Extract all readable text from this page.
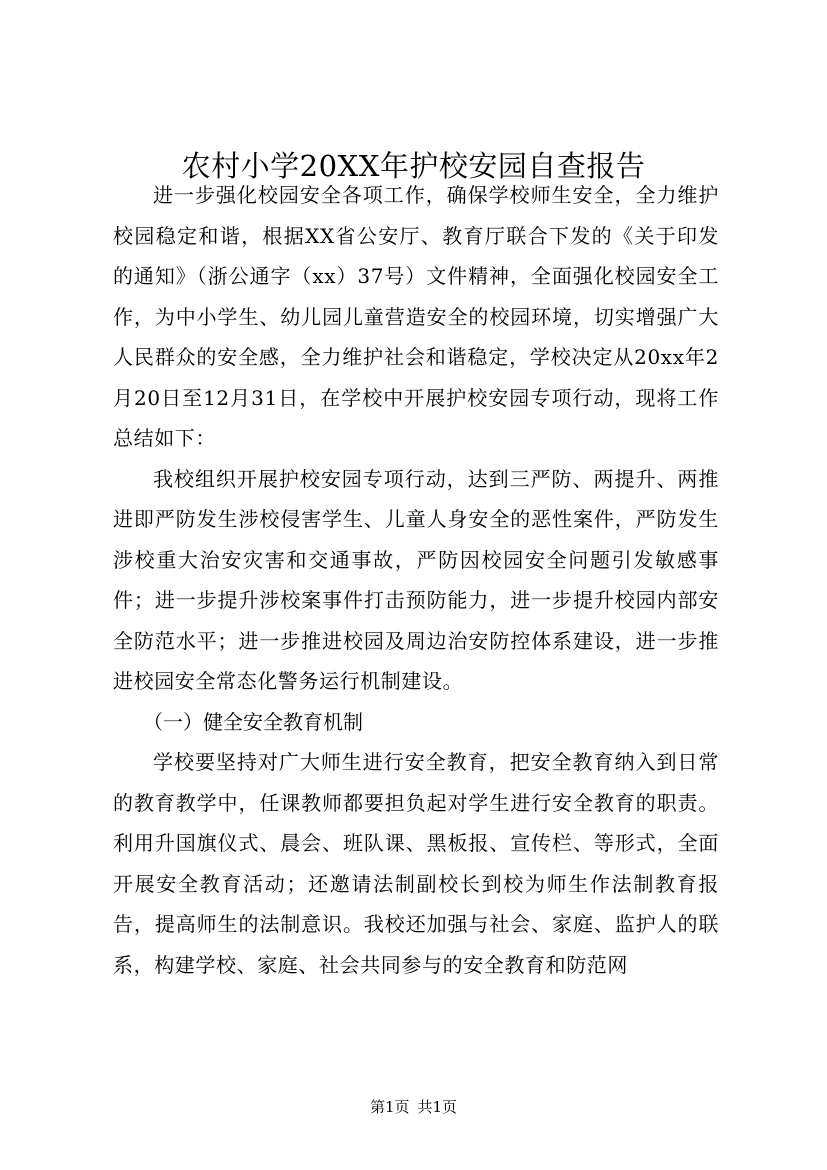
农村小学20XX年护校安园自查报告

进一步强化校园安全各项工作，确保学校师生安全，全力维护校园稳定和谐，根据XX省公安厅、教育厅联合下发的《关于印发的通知》（浙公通字（xx）37号）文件精神，全面强化校园安全工作，为中小学生、幼儿园儿童营造安全的校园环境，切实增强广大人民群众的安全感，全力维护社会和谐稳定，学校决定从20xx年2月20日至12月31日，在学校中开展护校安园专项行动，现将工作总结如下：

我校组织开展护校安园专项行动，达到三严防、两提升、两推进即严防发生涉校侵害学生、儿童人身安全的恶性案件，严防发生涉校重大治安灾害和交通事故，严防因校园安全问题引发敏感事件；进一步提升涉校案事件打击预防能力，进一步提升校园内部安全防范水平；进一步推进校园及周边治安防控体系建设，进一步推进校园安全常态化警务运行机制建设。

（一）健全安全教育机制

学校要坚持对广大师生进行安全教育，把安全教育纳入到日常的教育教学中，任课教师都要担负起对学生进行安全教育的职责。利用升国旗仪式、晨会、班队课、黑板报、宣传栏、等形式，全面开展安全教育活动；还邀请法制副校长到校为师生作法制教育报告，提高师生的法制意识。我校还加强与社会、家庭、监护人的联系，构建学校、家庭、社会共同参与的安全教育和防范网

第1页 共1页
